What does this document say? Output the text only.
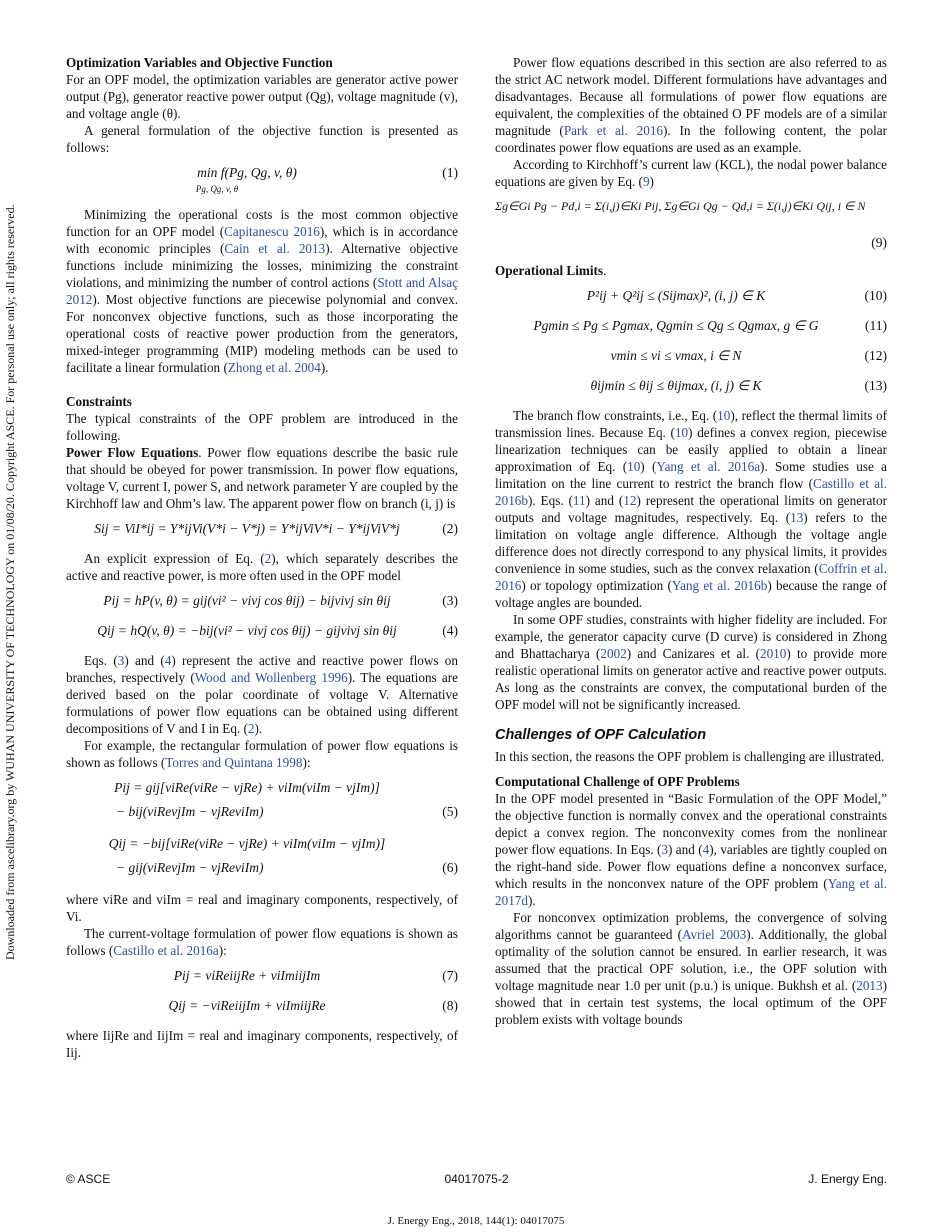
Downloaded from ascelibrary.org by WUHAN UNIVERSITY OF TECHNOLOGY on 01/08/20. Copyright ASCE. For personal use only; all rights reserved.

Optimization Variables and Objective Function

For an OPF model, the optimization variables are generator active power output (Pg), generator reactive power output (Qg), voltage magnitude (v), and voltage angle (θ).

A general formulation of the objective function is presented as follows:

min f(Pg, Qg, v, θ)
Pg, Qg, v, θ
(1)

Minimizing the operational costs is the most common objective function for an OPF model (Capitanescu 2016), which is in accordance with economic principles (Cain et al. 2013). Alternative objective functions include minimizing the losses, minimizing the constraint violations, and minimizing the number of control actions (Stott and Alsaç 2012). Most objective functions are piecewise polynomial and convex. For nonconvex objective functions, such as those incorporating the operational costs of reactive power production from the generators, mixed-integer programming (MIP) modeling methods can be used to facilitate a linear formulation (Zhong et al. 2004).

Constraints

The typical constraints of the OPF problem are introduced in the following.

Power Flow Equations. Power flow equations describe the basic rule that should be obeyed for power transmission. In power flow equations, voltage V, current I, power S, and network parameter Y are coupled by the Kirchhoff law and Ohm’s law. The apparent power flow on branch (i, j) is

Sij = ViI*ij = Y*ijVi(V*i − V*j) = Y*ijViV*i − Y*ijViV*j	(2)

An explicit expression of Eq. (2), which separately describes the active and reactive power, is more often used in the OPF model

Pij = hP(v, θ) = gij(vi² − vivj cos θij) − bijvivj sin θij	(3)
Qij = hQ(v, θ) = −bij(vi² − vivj cos θij) − gijvivj sin θij	(4)

Eqs. (3) and (4) represent the active and reactive power flows on branches, respectively (Wood and Wollenberg 1996). The equations are derived based on the polar coordinate of voltage V. Alternative formulations of power flow equations can be obtained using different decompositions of V and I in Eq. (2).

For example, the rectangular formulation of power flow equations is shown as follows (Torres and Quintana 1998):

Pij = gij[viRe(viRe − vjRe) + viIm(viIm − vjIm)]
− bij(viRevjIm − vjReviIm)	(5)
Qij = −bij[viRe(viRe − vjRe) + viIm(viIm − vjIm)]
− gij(viRevjIm − vjReviIm)	(6)

where viRe and viIm = real and imaginary components, respectively, of Vi.

The current-voltage formulation of power flow equations is shown as follows (Castillo et al. 2016a):

Pij = viReiijRe + viImiijIm	(7)
Qij = −viReiijIm + viImiijRe	(8)

where IijRe and IijIm = real and imaginary components, respectively, of Iij.

Power flow equations described in this section are also referred to as the strict AC network model. Different formulations have advantages and disadvantages. Because all formulations of power flow equations are equivalent, the complexities of the obtained O PF models are of a similar magnitude (Park et al. 2016). In the following content, the polar coordinates power flow equations are used as an example.

According to Kirchhoff’s current law (KCL), the nodal power balance equations are given by Eq. (9)

Σg∈Gi Pg − Pd,i = Σ(i,j)∈Ki Pij, Σg∈Gi Qg − Qd,i = Σ(i,j)∈Ki Qij, i ∈ N
(9)

Operational Limits.

P²ij + Q²ij ≤ (Sijmax)², (i, j) ∈ K	(10)
Pgmin ≤ Pg ≤ Pgmax, Qgmin ≤ Qg ≤ Qgmax, g ∈ G	(11)
vmin ≤ vi ≤ vmax, i ∈ N	(12)
θijmin ≤ θij ≤ θijmax, (i, j) ∈ K	(13)

The branch flow constraints, i.e., Eq. (10), reflect the thermal limits of transmission lines. Because Eq. (10) defines a convex region, piecewise linearization techniques can be easily applied to obtain a linear approximation of Eq. (10) (Yang et al. 2016a). Some studies use a limitation on the line current to restrict the branch flow (Castillo et al. 2016b). Eqs. (11) and (12) represent the operational limits on generator outputs and voltage magnitudes, respectively. Eq. (13) refers to the limitation on voltage angle difference. Although the voltage angle difference does not directly correspond to any physical limits, it provides convenience in some studies, such as the convex relaxation (Coffrin et al. 2016) or topology optimization (Yang et al. 2016b) because the range of voltage angles are bounded.

In some OPF studies, constraints with higher fidelity are included. For example, the generator capacity curve (D curve) is considered in Zhong and Bhattacharya (2002) and Canizares et al. (2010) to provide more realistic operational limits on generator active and reactive power outputs. As long as the constraints are convex, the computational burden of the OPF model will not be significantly increased.

Challenges of OPF Calculation

In this section, the reasons the OPF problem is challenging are illustrated.

Computational Challenge of OPF Problems

In the OPF model presented in “Basic Formulation of the OPF Model,” the objective function is normally convex and the operational constraints depict a convex region. The nonconvexity comes from the nonlinear power flow equations. In Eqs. (3) and (4), variables are tightly coupled on the right-hand side. Power flow equations define a nonconvex surface, which results in the nonconvex nature of the OPF problem (Yang et al. 2017d).

For nonconvex optimization problems, the convergence of solving algorithms cannot be guaranteed (Avriel 2003). Additionally, the global optimality of the solution cannot be ensured. In earlier research, it was assumed that the practical OPF solution, i.e., the OPF solution with voltage magnitude near 1.0 per unit (p.u.) is unique. Bukhsh et al. (2013) showed that in certain test systems, the local optimum of the OPF problem exists with voltage bounds

© ASCE	04017075-2	J. Energy Eng.
J. Energy Eng., 2018, 144(1): 04017075
